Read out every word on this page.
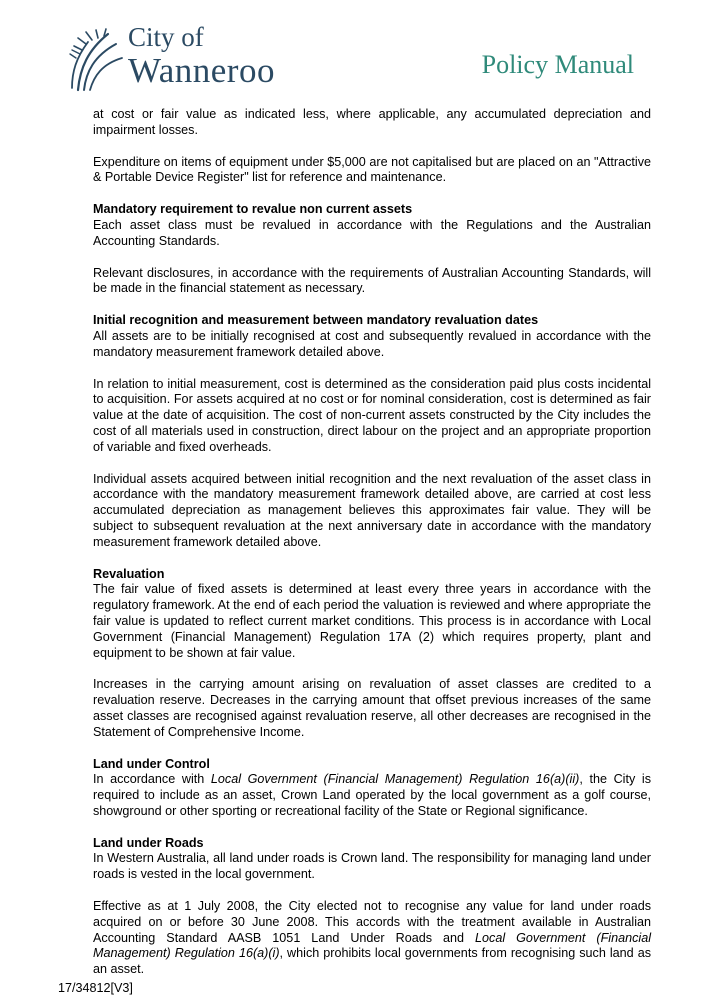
City of
Wanneroo	Policy Manual

at cost or fair value as indicated less, where applicable, any accumulated depreciation and impairment losses.

Expenditure on items of equipment under $5,000 are not capitalised but are placed on an "Attractive & Portable Device Register" list for reference and maintenance.

Mandatory requirement to revalue non current assets
Each asset class must be revalued in accordance with the Regulations and the Australian Accounting Standards.

Relevant disclosures, in accordance with the requirements of Australian Accounting Standards, will be made in the financial statement as necessary.

Initial recognition and measurement between mandatory revaluation dates
All assets are to be initially recognised at cost and subsequently revalued in accordance with the mandatory measurement framework detailed above.

In relation to initial measurement, cost is determined as the consideration paid plus costs incidental to acquisition. For assets acquired at no cost or for nominal consideration, cost is determined as fair value at the date of acquisition. The cost of non-current assets constructed by the City includes the cost of all materials used in construction, direct labour on the project and an appropriate proportion of variable and fixed overheads.

Individual assets acquired between initial recognition and the next revaluation of the asset class in accordance with the mandatory measurement framework detailed above, are carried at cost less accumulated depreciation as management believes this approximates fair value. They will be subject to subsequent revaluation at the next anniversary date in accordance with the mandatory measurement framework detailed above.

Revaluation
The fair value of fixed assets is determined at least every three years in accordance with the regulatory framework. At the end of each period the valuation is reviewed and where appropriate the fair value is updated to reflect current market conditions. This process is in accordance with Local Government (Financial Management) Regulation 17A (2) which requires property, plant and equipment to be shown at fair value.

Increases in the carrying amount arising on revaluation of asset classes are credited to a revaluation reserve. Decreases in the carrying amount that offset previous increases of the same asset classes are recognised against revaluation reserve, all other decreases are recognised in the Statement of Comprehensive Income.

Land under Control
In accordance with Local Government (Financial Management) Regulation 16(a)(ii), the City is required to include as an asset, Crown Land operated by the local government as a golf course, showground or other sporting or recreational facility of the State or Regional significance.

Land under Roads
In Western Australia, all land under roads is Crown land. The responsibility for managing land under roads is vested in the local government.

Effective as at 1 July 2008, the City elected not to recognise any value for land under roads acquired on or before 30 June 2008. This accords with the treatment available in Australian Accounting Standard AASB 1051 Land Under Roads and Local Government (Financial Management) Regulation 16(a)(i), which prohibits local governments from recognising such land as an asset.

17/34812[V3]
